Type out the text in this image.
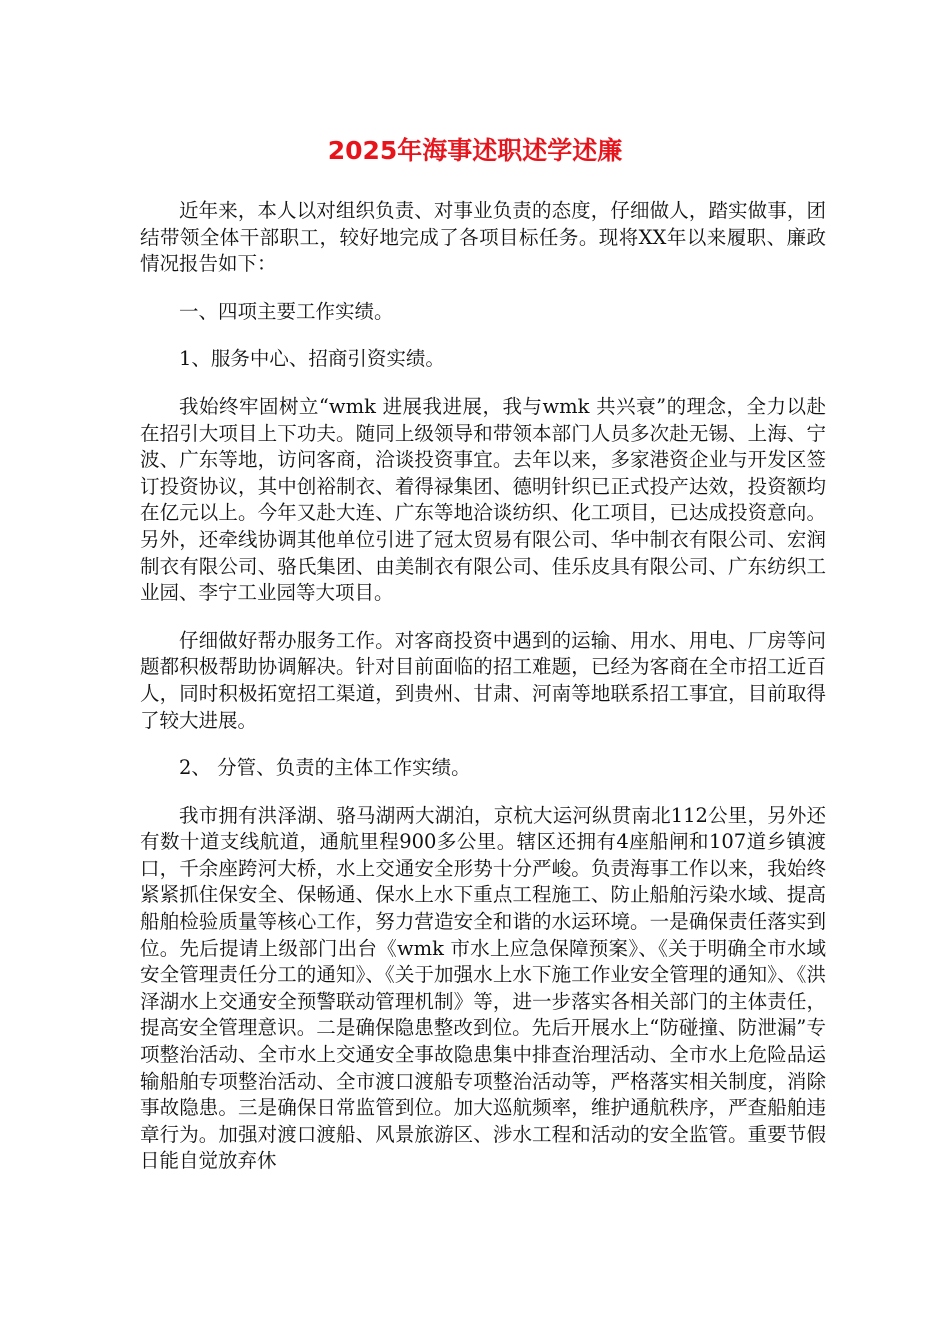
2025年海事述职述学述廉

近年来，本人以对组织负责、对事业负责的态度，仔细做人，踏实做事，团结带领全体干部职工，较好地完成了各项目标任务。现将XX年以来履职、廉政情况报告如下：

一、四项主要工作实绩。

1、服务中心、招商引资实绩。

我始终牢固树立“wmk 进展我进展，我与wmk 共兴衰”的理念，全力以赴在招引大项目上下功夫。随同上级领导和带领本部门人员多次赴无锡、上海、宁波、广东等地，访问客商，洽谈投资事宜。去年以来，多家港资企业与开发区签订投资协议，其中创裕制衣、着得禄集团、德明针织已正式投产达效，投资额均在亿元以上。今年又赴大连、广东等地洽谈纺织、化工项目，已达成投资意向。另外，还牵线协调其他单位引进了冠太贸易有限公司、华中制衣有限公司、宏润制衣有限公司、骆氏集团、由美制衣有限公司、佳乐皮具有限公司、广东纺织工业园、李宁工业园等大项目。

仔细做好帮办服务工作。对客商投资中遇到的运输、用水、用电、厂房等问题都积极帮助协调解决。针对目前面临的招工难题，已经为客商在全市招工近百人，同时积极拓宽招工渠道，到贵州、甘肃、河南等地联系招工事宜，目前取得了较大进展。

2、 分管、负责的主体工作实绩。

我市拥有洪泽湖、骆马湖两大湖泊，京杭大运河纵贯南北112公里，另外还有数十道支线航道，通航里程900多公里。辖区还拥有4座船闸和107道乡镇渡口，千余座跨河大桥，水上交通安全形势十分严峻。负责海事工作以来，我始终紧紧抓住保安全、保畅通、保水上水下重点工程施工、防止船舶污染水域、提高船舶检验质量等核心工作，努力营造安全和谐的水运环境。一是确保责任落实到位。先后提请上级部门出台《wmk 市水上应急保障预案》、《关于明确全市水域安全管理责任分工的通知》、《关于加强水上水下施工作业安全管理的通知》、《洪泽湖水上交通安全预警联动管理机制》等，进一步落实各相关部门的主体责任，提高安全管理意识。二是确保隐患整改到位。先后开展水上“防碰撞、防泄漏”专项整治活动、全市水上交通安全事故隐患集中排查治理活动、全市水上危险品运输船舶专项整治活动、全市渡口渡船专项整治活动等，严格落实相关制度，消除事故隐患。三是确保日常监管到位。加大巡航频率，维护通航秩序，严查船舶违章行为。加强对渡口渡船、风景旅游区、涉水工程和活动的安全监管。重要节假日能自觉放弃休
